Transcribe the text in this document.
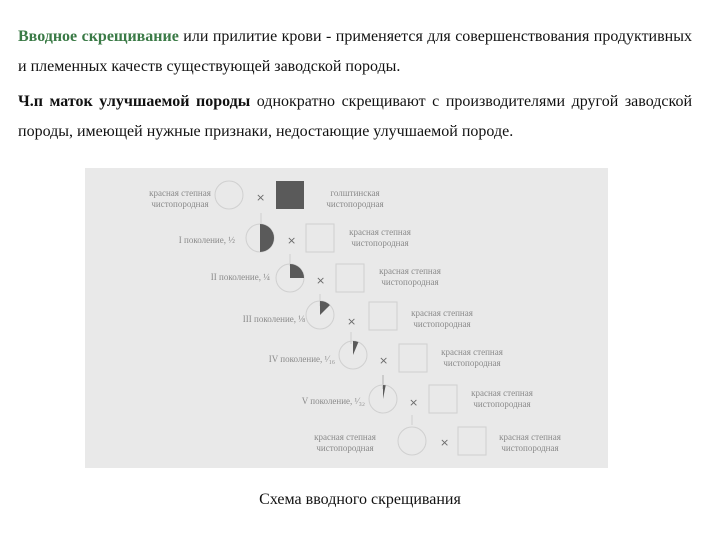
Вводное скрещивание или прилитие крови - применяется для совершенствования продуктивных и племенных качеств существующей заводской породы.

Ч.п маток улучшаемой породы однократно скрещивают с производителями другой заводской породы, имеющей нужные признаки, недостающие улучшаемой породе.

красная степная
чистопородная	×	голштинская
чистопородная
I поколение, ½	×
красная степная
чистопородная
II поколение, ¼	×
красная степная
чистопородная
III поколение, ⅛	×
красная степная
чистопородная
IV поколение, ¹⁄₁₆	×
красная степная
чистопородная
V поколение, ¹⁄₃₂	×
красная степная
чистопородная
красная степная
чистопородная	×	красная степная
чистопородная
Схема вводного скрещивания
